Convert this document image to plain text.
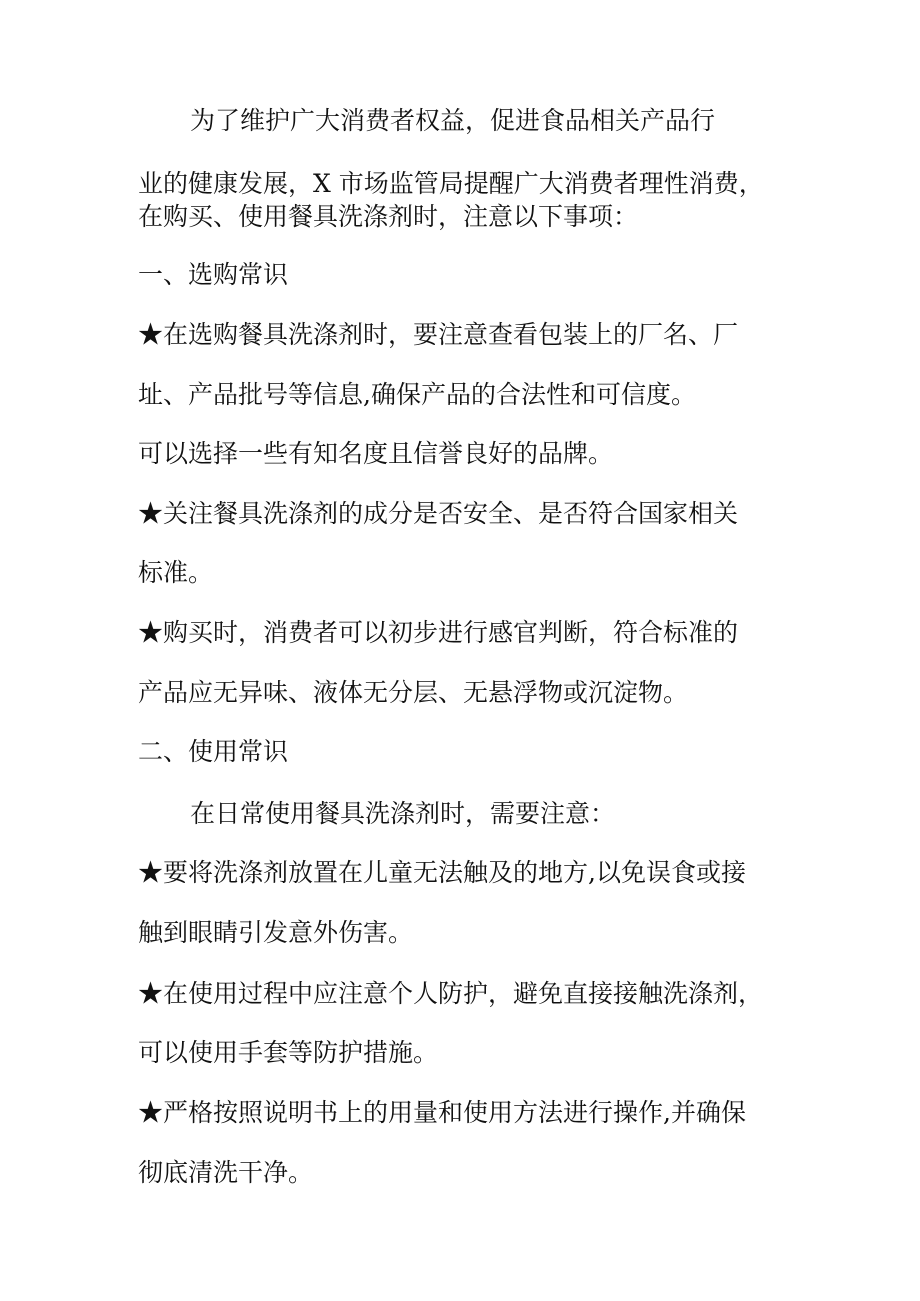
为了维护广大消费者权益，促进食品相关产品行
业的健康发展，X 市场监管局提醒广大消费者理性消费，
在购买、使用餐具洗涤剂时，注意以下事项：
一、选购常识
★在选购餐具洗涤剂时，要注意查看包装上的厂名、厂
址、产品批号等信息,确保产品的合法性和可信度。
可以选择一些有知名度且信誉良好的品牌。
★关注餐具洗涤剂的成分是否安全、是否符合国家相关
标准。
★购买时，消费者可以初步进行感官判断，符合标准的
产品应无异味、液体无分层、无悬浮物或沉淀物。
二、使用常识
在日常使用餐具洗涤剂时，需要注意：
★要将洗涤剂放置在儿童无法触及的地方,以免误食或接
触到眼睛引发意外伤害。
★在使用过程中应注意个人防护，避免直接接触洗涤剂，
可以使用手套等防护措施。
★严格按照说明书上的用量和使用方法进行操作,并确保
彻底清洗干净。
